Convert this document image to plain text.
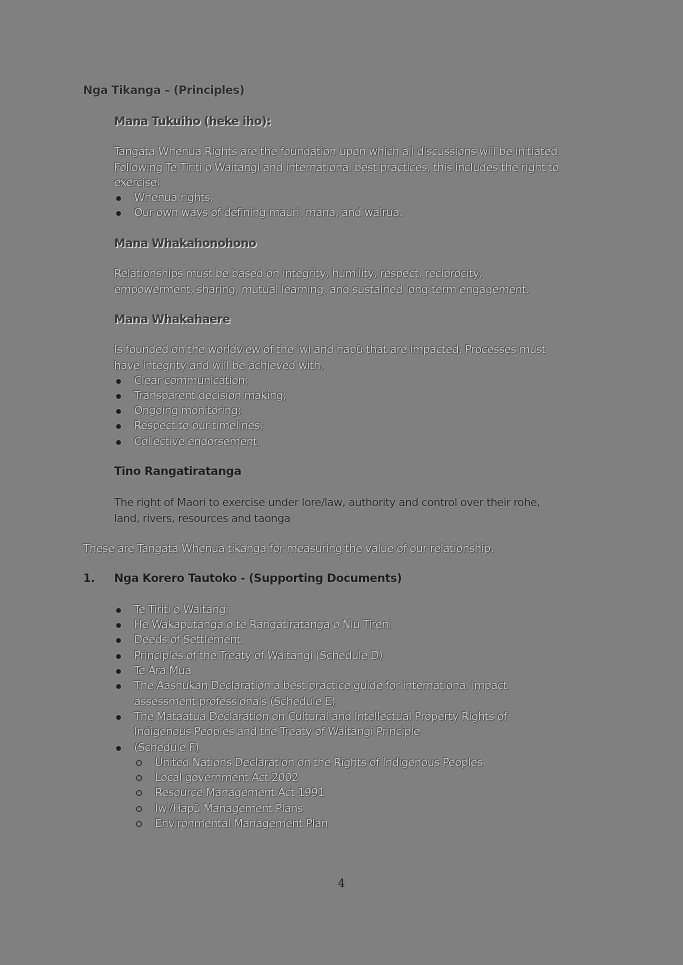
Nga Tikanga – (Principles)
Mana Tukuiho (heke iho):
Tangata Whenua Rights are the foundation upon which all discussions will be initiated.
Following Te Tiriti o Waitangi and international best practices, this includes the right to
exercise;
Whenua rights;
Our own ways of defining mauri, mana, and wairua.
Mana Whakahonohono
Relationships must be based on integrity, humility, respect, reciprocity,
empowerment, sharing, mutual learning, and sustained long-term engagement.
Mana Whakahaere
Is founded on the worldview of the iwi and hapū that are impacted. Processes must
have integrity and will be achieved with,
Clear communication;
Transparent decision making;
Ongoing monitoring;
Respect to our timelines;
Collective endorsement.
Tino Rangatiratanga
The right of Maori to exercise under lore/law, authority and control over their rohe,
land, rivers, resources and taonga
These are Tangata Whenua tikanga for measuring the value of our relationship.
1. Nga Korero Tautoko - (Supporting Documents)
Te Tiriti o Waitangi
He Wakaputanga o te Rangatiratanga o Niu Tireni
Deeds of Settlement
Principles of the Treaty of Waitangi (Schedule D)
Te Ara Mua
The Aashukan Declaration a best practice guide for international impact
assessment professionals (Schedule E)
The Mataatua Declaration on Cultural and Intellectual Property Rights of
Indigenous Peoples and the Treaty of Waitangi Principle
(Schedule F)
United Nations Declaration on the Rights of Indigenous Peoples
Local government Act 2002
Resource Management Act 1991
Iwi/Hapū Management Plans
Environmental Management Plan
4
